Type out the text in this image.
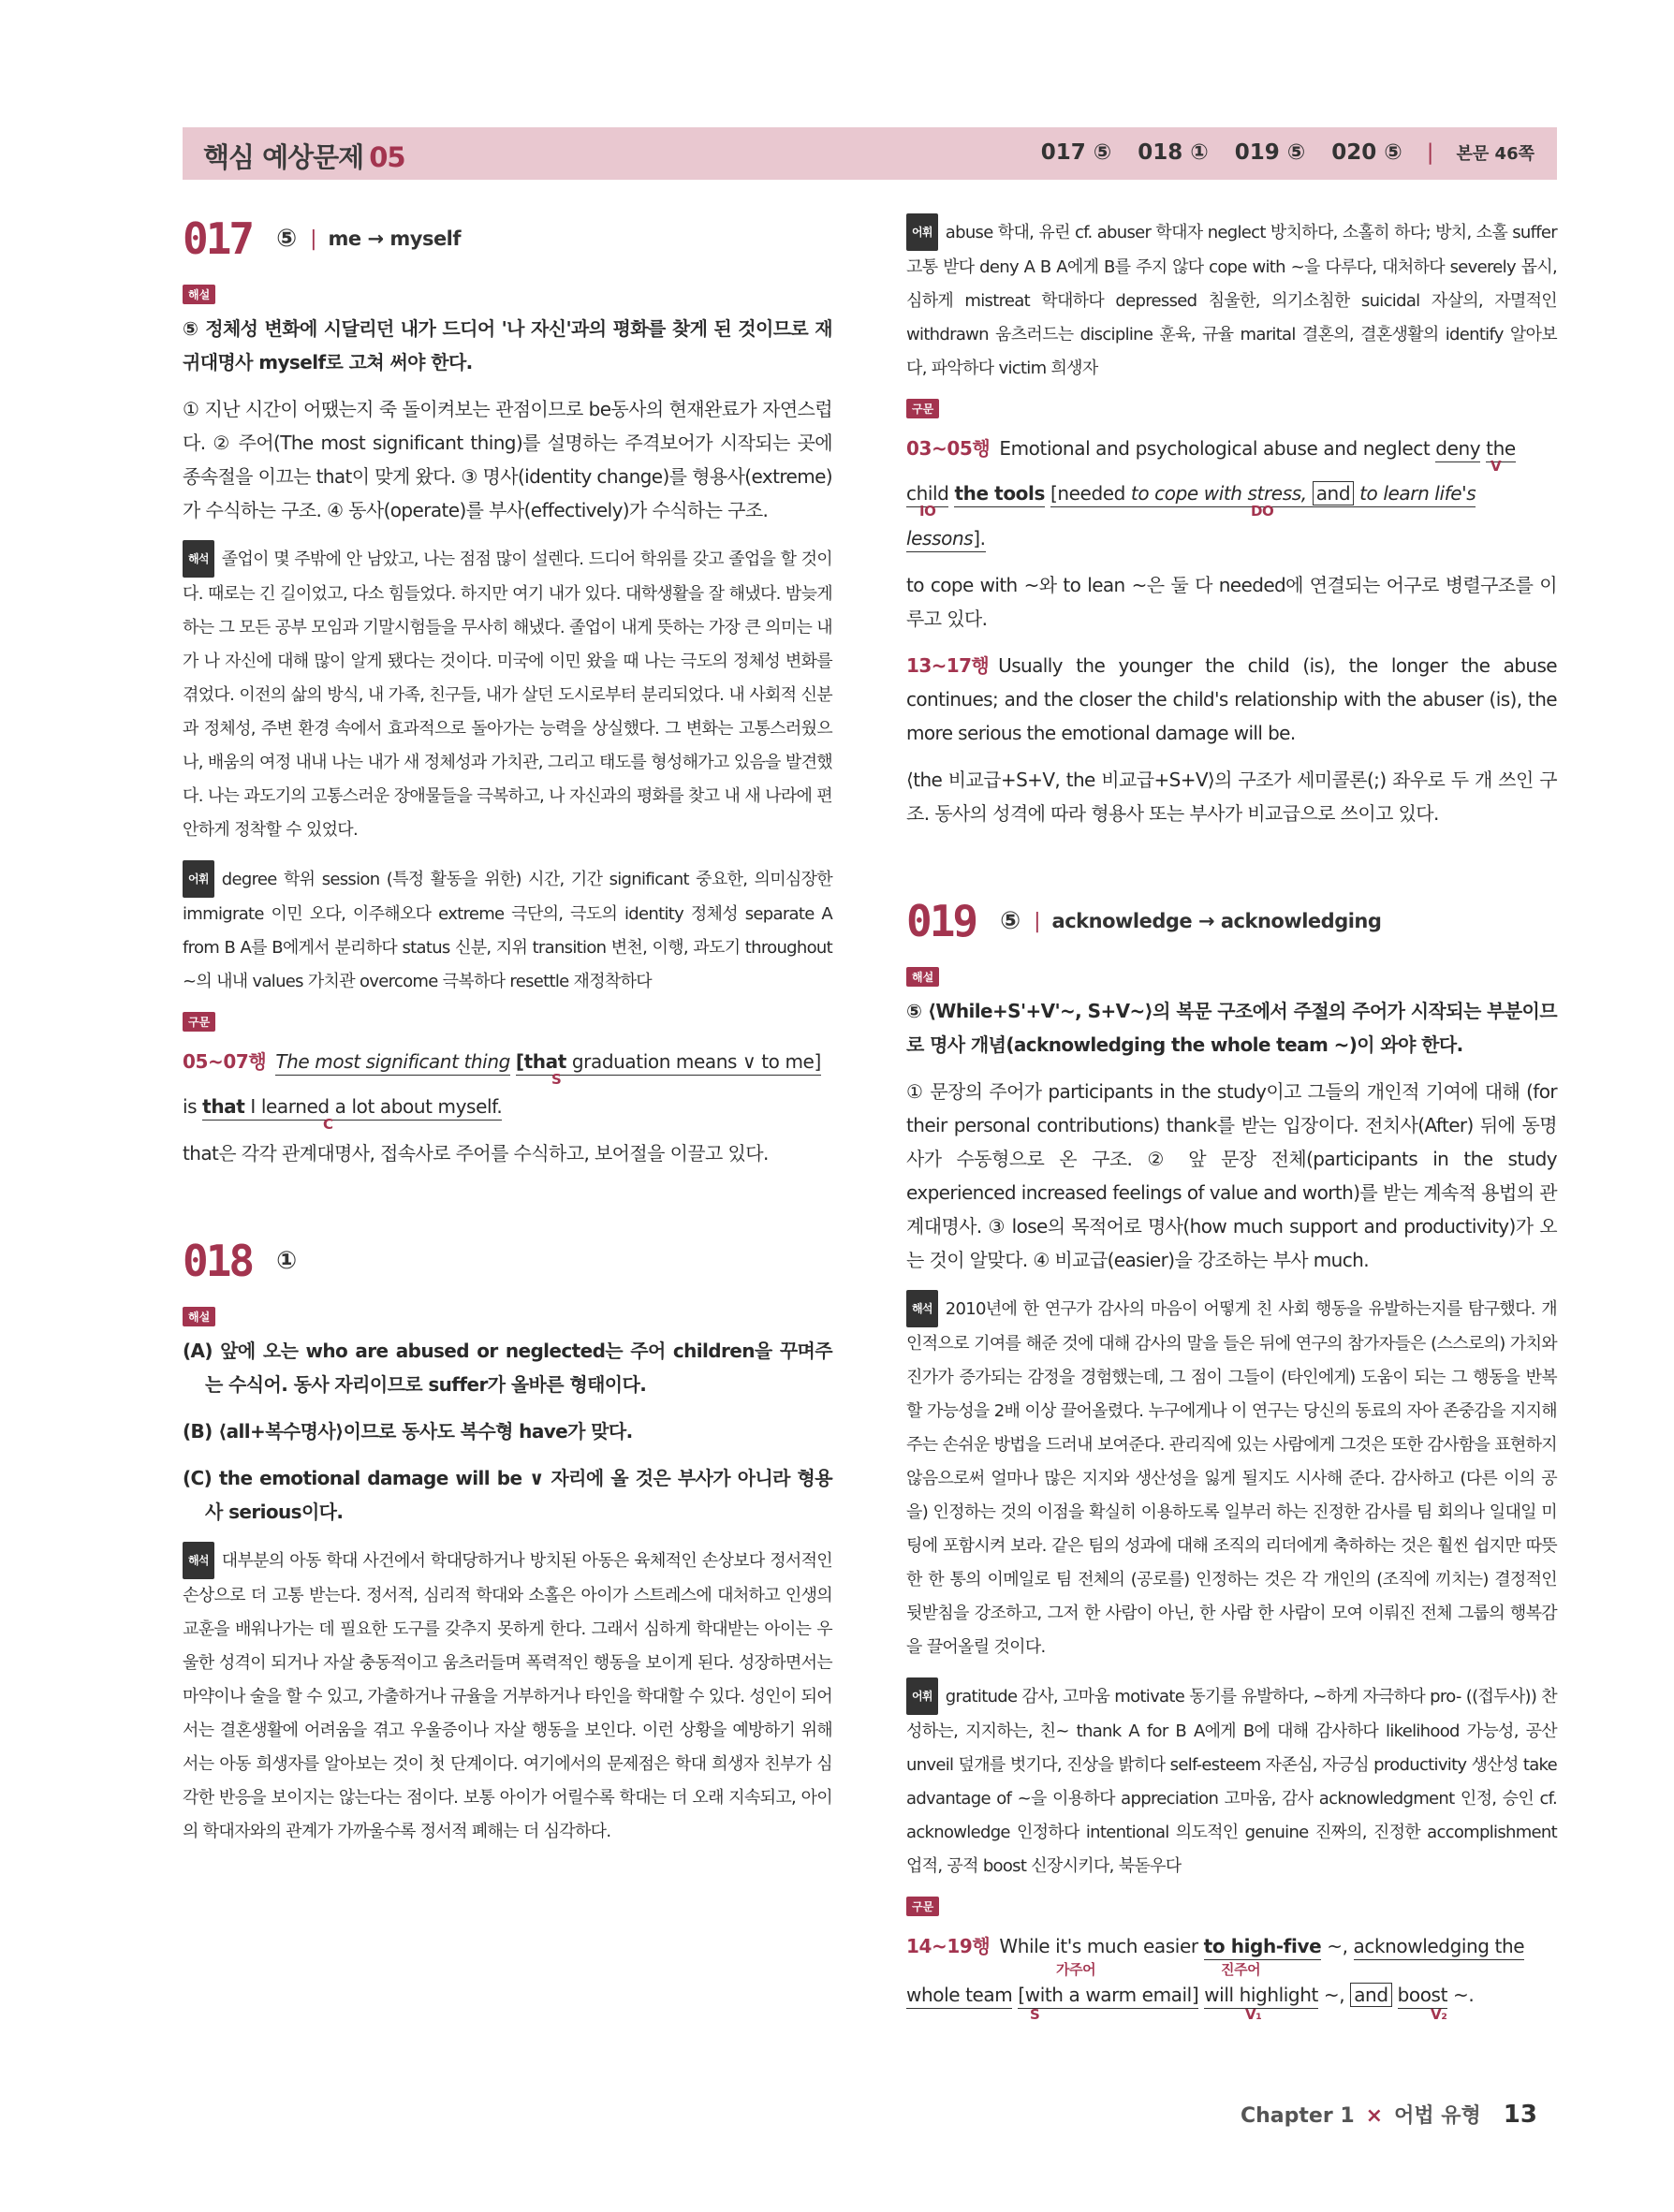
핵심 예상문제 05	017 ⑤ 018 ① 019 ⑤ 020 ⑤ | 본문 46쪽
017 ⑤ | me → myself
해설

⑤ 정체성 변화에 시달리던 내가 드디어 '나 자신'과의 평화를 찾게 된 것이므로 재귀대명사 myself로 고쳐 써야 한다.

① 지난 시간이 어땠는지 죽 돌이켜보는 관점이므로 be동사의 현재완료가 자연스럽다. ② 주어(The most significant thing)를 설명하는 주격보어가 시작되는 곳에 종속절을 이끄는 that이 맞게 왔다. ③ 명사(identity change)를 형용사(extreme)가 수식하는 구조. ④ 동사(operate)를 부사(effectively)가 수식하는 구조.

해석 졸업이 몇 주밖에 안 남았고, 나는 점점 많이 설렌다. 드디어 학위를 갖고 졸업을 할 것이다. 때로는 긴 길이었고, 다소 힘들었다. 하지만 여기 내가 있다. 대학생활을 잘 해냈다. 밤늦게 하는 그 모든 공부 모임과 기말시험들을 무사히 해냈다. 졸업이 내게 뜻하는 가장 큰 의미는 내가 나 자신에 대해 많이 알게 됐다는 것이다. 미국에 이민 왔을 때 나는 극도의 정체성 변화를 겪었다. 이전의 삶의 방식, 내 가족, 친구들, 내가 살던 도시로부터 분리되었다. 내 사회적 신분과 정체성, 주변 환경 속에서 효과적으로 돌아가는 능력을 상실했다. 그 변화는 고통스러웠으나, 배움의 여정 내내 나는 내가 새 정체성과 가치관, 그리고 태도를 형성해가고 있음을 발견했다. 나는 과도기의 고통스러운 장애물들을 극복하고, 나 자신과의 평화를 찾고 내 새 나라에 편안하게 정착할 수 있었다.

어휘 degree 학위 session (특정 활동을 위한) 시간, 기간 significant 중요한, 의미심장한 immigrate 이민 오다, 이주해오다 extreme 극단의, 극도의 identity 정체성 separate A from B A를 B에게서 분리하다 status 신분, 지위 transition 변천, 이행, 과도기 throughout ~의 내내 values 가치관 overcome 극복하다 resettle 재정착하다

구문
05~07행 The most significant thing [that graduation means ∨ to me]
S
is that I learned a lot about myself.
C

that은 각각 관계대명사, 접속사로 주어를 수식하고, 보어절을 이끌고 있다.

018 ①
해설

(A) 앞에 오는 who are abused or neglected는 주어 children을 꾸며주는 수식어. 동사 자리이므로 suffer가 올바른 형태이다.

(B) ⟨all+복수명사⟩이므로 동사도 복수형 have가 맞다.

(C) the emotional damage will be ∨ 자리에 올 것은 부사가 아니라 형용사 serious이다.

해석 대부분의 아동 학대 사건에서 학대당하거나 방치된 아동은 육체적인 손상보다 정서적인 손상으로 더 고통 받는다. 정서적, 심리적 학대와 소홀은 아이가 스트레스에 대처하고 인생의 교훈을 배워나가는 데 필요한 도구를 갖추지 못하게 한다. 그래서 심하게 학대받는 아이는 우울한 성격이 되거나 자살 충동적이고 움츠러들며 폭력적인 행동을 보이게 된다. 성장하면서는 마약이나 술을 할 수 있고, 가출하거나 규율을 거부하거나 타인을 학대할 수 있다. 성인이 되어서는 결혼생활에 어려움을 겪고 우울증이나 자살 행동을 보인다. 이런 상황을 예방하기 위해서는 아동 희생자를 알아보는 것이 첫 단계이다. 여기에서의 문제점은 학대 희생자 친부가 심각한 반응을 보이지는 않는다는 점이다. 보통 아이가 어릴수록 학대는 더 오래 지속되고, 아이의 학대자와의 관계가 가까울수록 정서적 폐해는 더 심각하다.

어휘 abuse 학대, 유린 cf. abuser 학대자 neglect 방치하다, 소홀히 하다; 방치, 소홀 suffer 고통 받다 deny A B A에게 B를 주지 않다 cope with ~을 다루다, 대처하다 severely 몹시, 심하게 mistreat 학대하다 depressed 침울한, 의기소침한 suicidal 자살의, 자멸적인 withdrawn 움츠러드는 discipline 훈육, 규율 marital 결혼의, 결혼생활의 identify 알아보다, 파악하다 victim 희생자

구문
03~05행 Emotional and psychological abuse and neglect deny the
V
child the tools [needed to cope with stress, and to learn life's lessons].
IO	DO

to cope with ~와 to lean ~은 둘 다 needed에 연결되는 어구로 병렬구조를 이루고 있다.

13~17행 Usually the younger the child (is), the longer the abuse continues; and the closer the child's relationship with the abuser (is), the more serious the emotional damage will be.

⟨the 비교급+S+V, the 비교급+S+V⟩의 구조가 세미콜론(;) 좌우로 두 개 쓰인 구조. 동사의 성격에 따라 형용사 또는 부사가 비교급으로 쓰이고 있다.

019 ⑤ | acknowledge → acknowledging
해설

⑤ ⟨While+S'+V'~, S+V~⟩의 복문 구조에서 주절의 주어가 시작되는 부분이므로 명사 개념(acknowledging the whole team ~)이 와야 한다.

① 문장의 주어가 participants in the study이고 그들의 개인적 기여에 대해 (for their personal contributions) thank를 받는 입장이다. 전치사(After) 뒤에 동명사가 수동형으로 온 구조. ② 앞 문장 전체(participants in the study experienced increased feelings of value and worth)를 받는 계속적 용법의 관계대명사. ③ lose의 목적어로 명사(how much support and productivity)가 오는 것이 알맞다. ④ 비교급(easier)을 강조하는 부사 much.

해석 2010년에 한 연구가 감사의 마음이 어떻게 친 사회 행동을 유발하는지를 탐구했다. 개인적으로 기여를 해준 것에 대해 감사의 말을 들은 뒤에 연구의 참가자들은 (스스로의) 가치와 진가가 증가되는 감정을 경험했는데, 그 점이 그들이 (타인에게) 도움이 되는 그 행동을 반복할 가능성을 2배 이상 끌어올렸다. 누구에게나 이 연구는 당신의 동료의 자아 존중감을 지지해주는 손쉬운 방법을 드러내 보여준다. 관리직에 있는 사람에게 그것은 또한 감사함을 표현하지 않음으로써 얼마나 많은 지지와 생산성을 잃게 될지도 시사해 준다. 감사하고 (다른 이의 공을) 인정하는 것의 이점을 확실히 이용하도록 일부러 하는 진정한 감사를 팀 회의나 일대일 미팅에 포함시켜 보라. 같은 팀의 성과에 대해 조직의 리더에게 축하하는 것은 훨씬 쉽지만 따뜻한 한 통의 이메일로 팀 전체의 (공로를) 인정하는 것은 각 개인의 (조직에 끼치는) 결정적인 뒷받침을 강조하고, 그저 한 사람이 아닌, 한 사람 한 사람이 모여 이뤄진 전체 그룹의 행복감을 끌어올릴 것이다.

어휘 gratitude 감사, 고마움 motivate 동기를 유발하다, ~하게 자극하다 pro- ((접두사)) 찬성하는, 지지하는, 친~ thank A for B A에게 B에 대해 감사하다 likelihood 가능성, 공산 unveil 덮개를 벗기다, 진상을 밝히다 self-esteem 자존심, 자긍심 productivity 생산성 take advantage of ~을 이용하다 appreciation 고마움, 감사 acknowledgment 인정, 승인 cf. acknowledge 인정하다 intentional 의도적인 genuine 진짜의, 진정한 accomplishment 업적, 공적 boost 신장시키다, 북돋우다

구문
14~19행 While it's much easier to high-five ~, acknowledging the
whole team [with a warm email] will highlight ~, and boost ~.
가주어	진주어
S	V₁	V₂
Chapter 1 × 어법 유형 13
